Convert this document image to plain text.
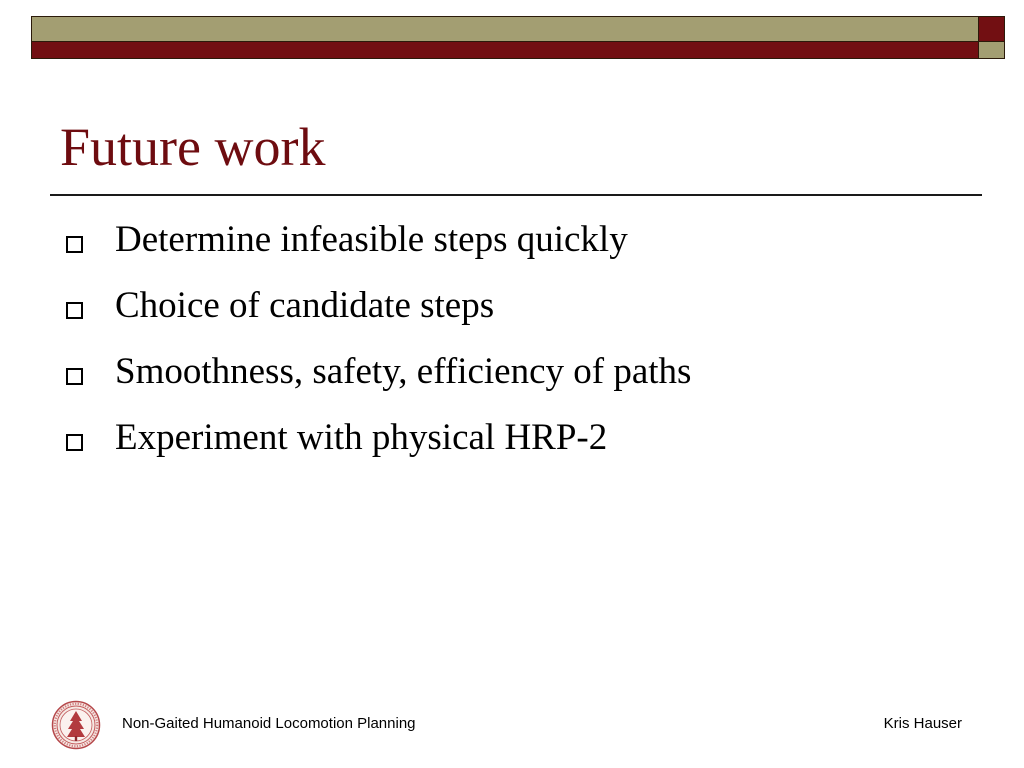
Future work
Determine infeasible steps quickly
Choice of candidate steps
Smoothness, safety, efficiency of paths
Experiment with physical HRP-2
Non-Gaited Humanoid Locomotion Planning	Kris Hauser
